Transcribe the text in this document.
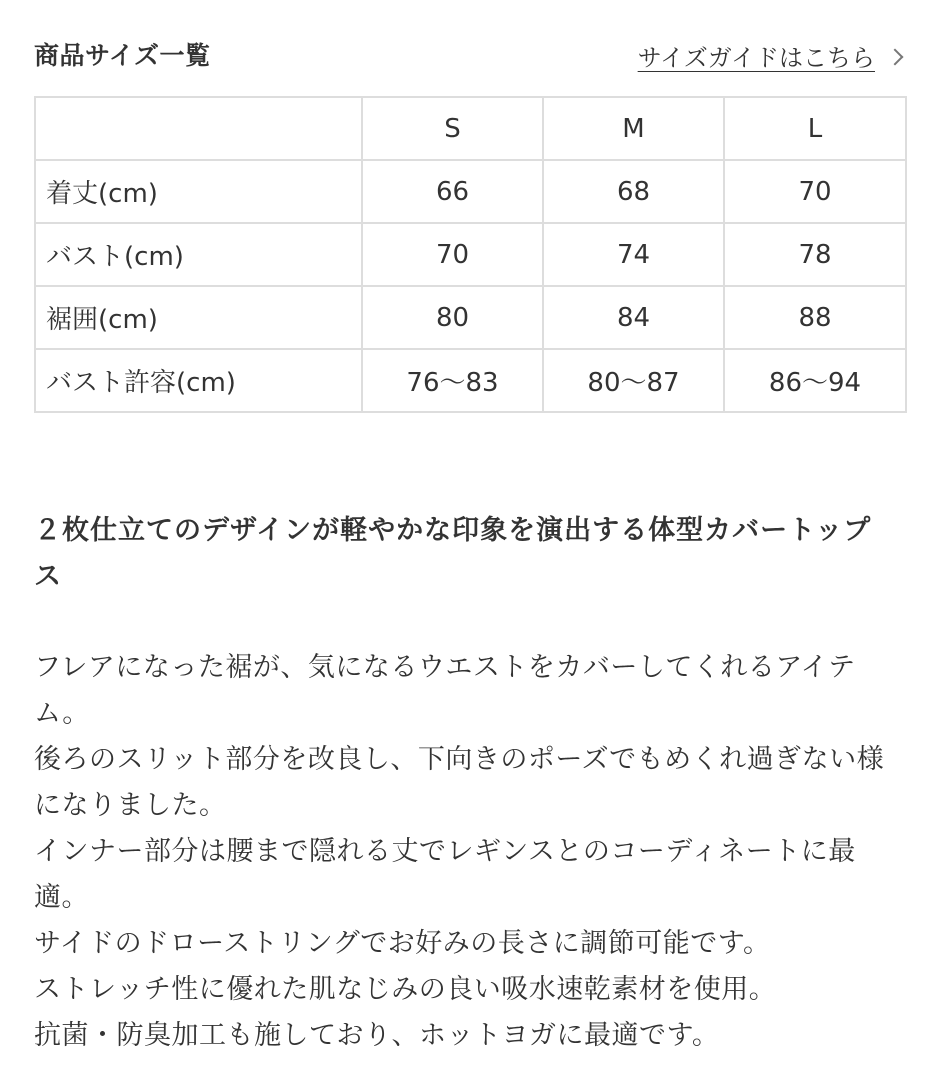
商品サイズ一覧	サイズガイドはこちら
	S	M	L
着丈(cm)	66	68	70
バスト(cm)	70	74	78
裾囲(cm)	80	84	88
バスト許容(cm)	76〜83	80〜87	86〜94
２枚仕立てのデザインが軽やかな印象を演出する体型カバートップス

フレアになった裾が、気になるウエストをカバーしてくれるアイテム。

後ろのスリット部分を改良し、下向きのポーズでもめくれ過ぎない様になりました。

インナー部分は腰まで隠れる丈でレギンスとのコーディネートに最適。

サイドのドローストリングでお好みの長さに調節可能です。

ストレッチ性に優れた肌なじみの良い吸水速乾素材を使用。

抗菌・防臭加工も施しており、ホットヨガに最適です。
